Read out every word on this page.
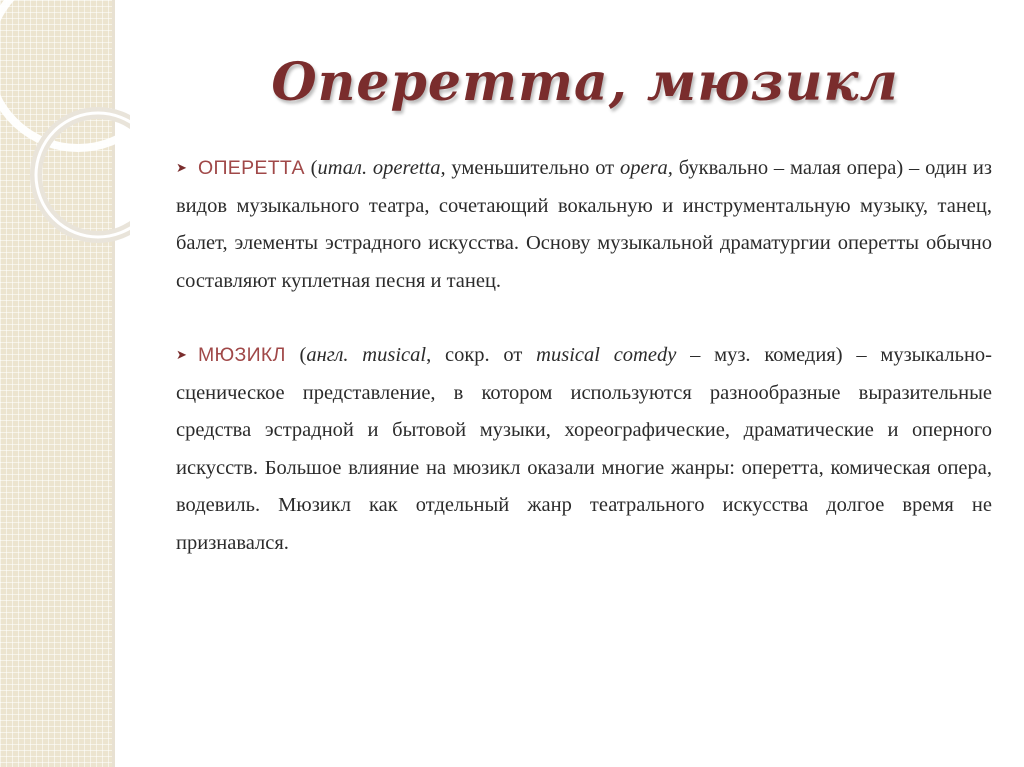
Оперетта, мюзикл

➤ ОПЕРЕТТА (итал. operetta, уменьшительно от opera, буквально – малая опера) – один из видов музыкального театра, сочетающий вокальную и инструментальную музыку, танец, балет, элементы эстрадного искусства. Основу музыкальной драматургии оперетты обычно составляют куплетная песня и танец.

➤ МЮЗИКЛ (англ. musical, сокр. от musical comedy – муз. комедия) – музыкально-сценическое представление, в котором используются разнообразные выразительные средства эстрадной и бытовой музыки, хореографические, драматические и оперного искусств. Большое влияние на мюзикл оказали многие жанры: оперетта, комическая опера, водевиль. Мюзикл как отдельный жанр театрального искусства долгое время не признавался.
